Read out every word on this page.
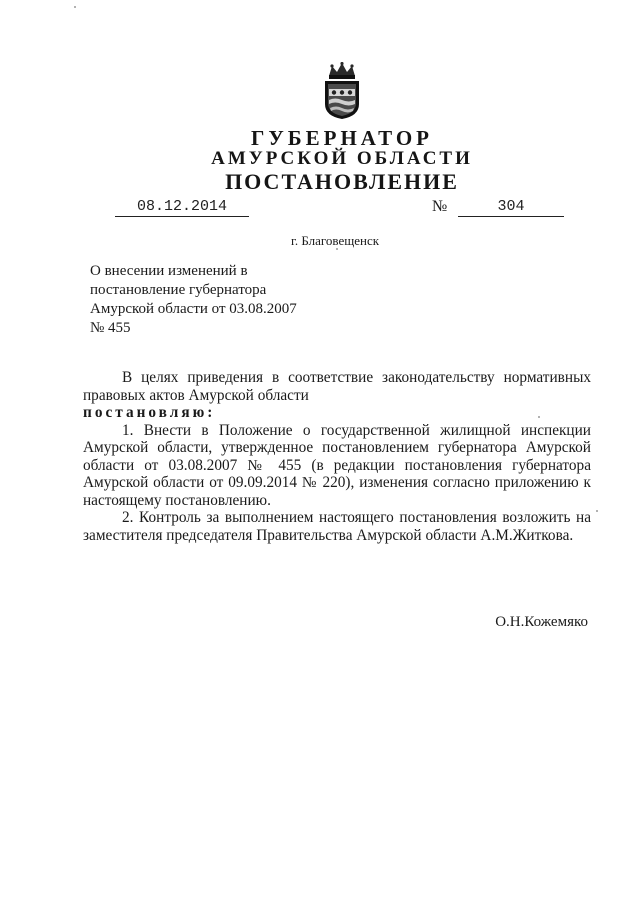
ГУБЕРНАТОР
АМУРСКОЙ ОБЛАСТИ
ПОСТАНОВЛЕНИЕ
08.12.2014	№	304
г. Благовещенск
О внесении изменений в
постановление губернатора
Амурской области от 03.08.2007
№ 455

В целях приведения в соответствие законодательству нормативных правовых актов Амурской области

постановляю:

1. Внести в Положение о государственной жилищной инспекции Амурской области, утвержденное постановлением губернатора Амурской области от 03.08.2007 № 455 (в редакции постановления губернатора Амурской области от 09.09.2014 № 220), изменения согласно приложению к настоящему постановлению.

2. Контроль за выполнением настоящего постановления возложить на заместителя председателя Правительства Амурской области А.М.Житкова.

О.Н.Кожемяко
